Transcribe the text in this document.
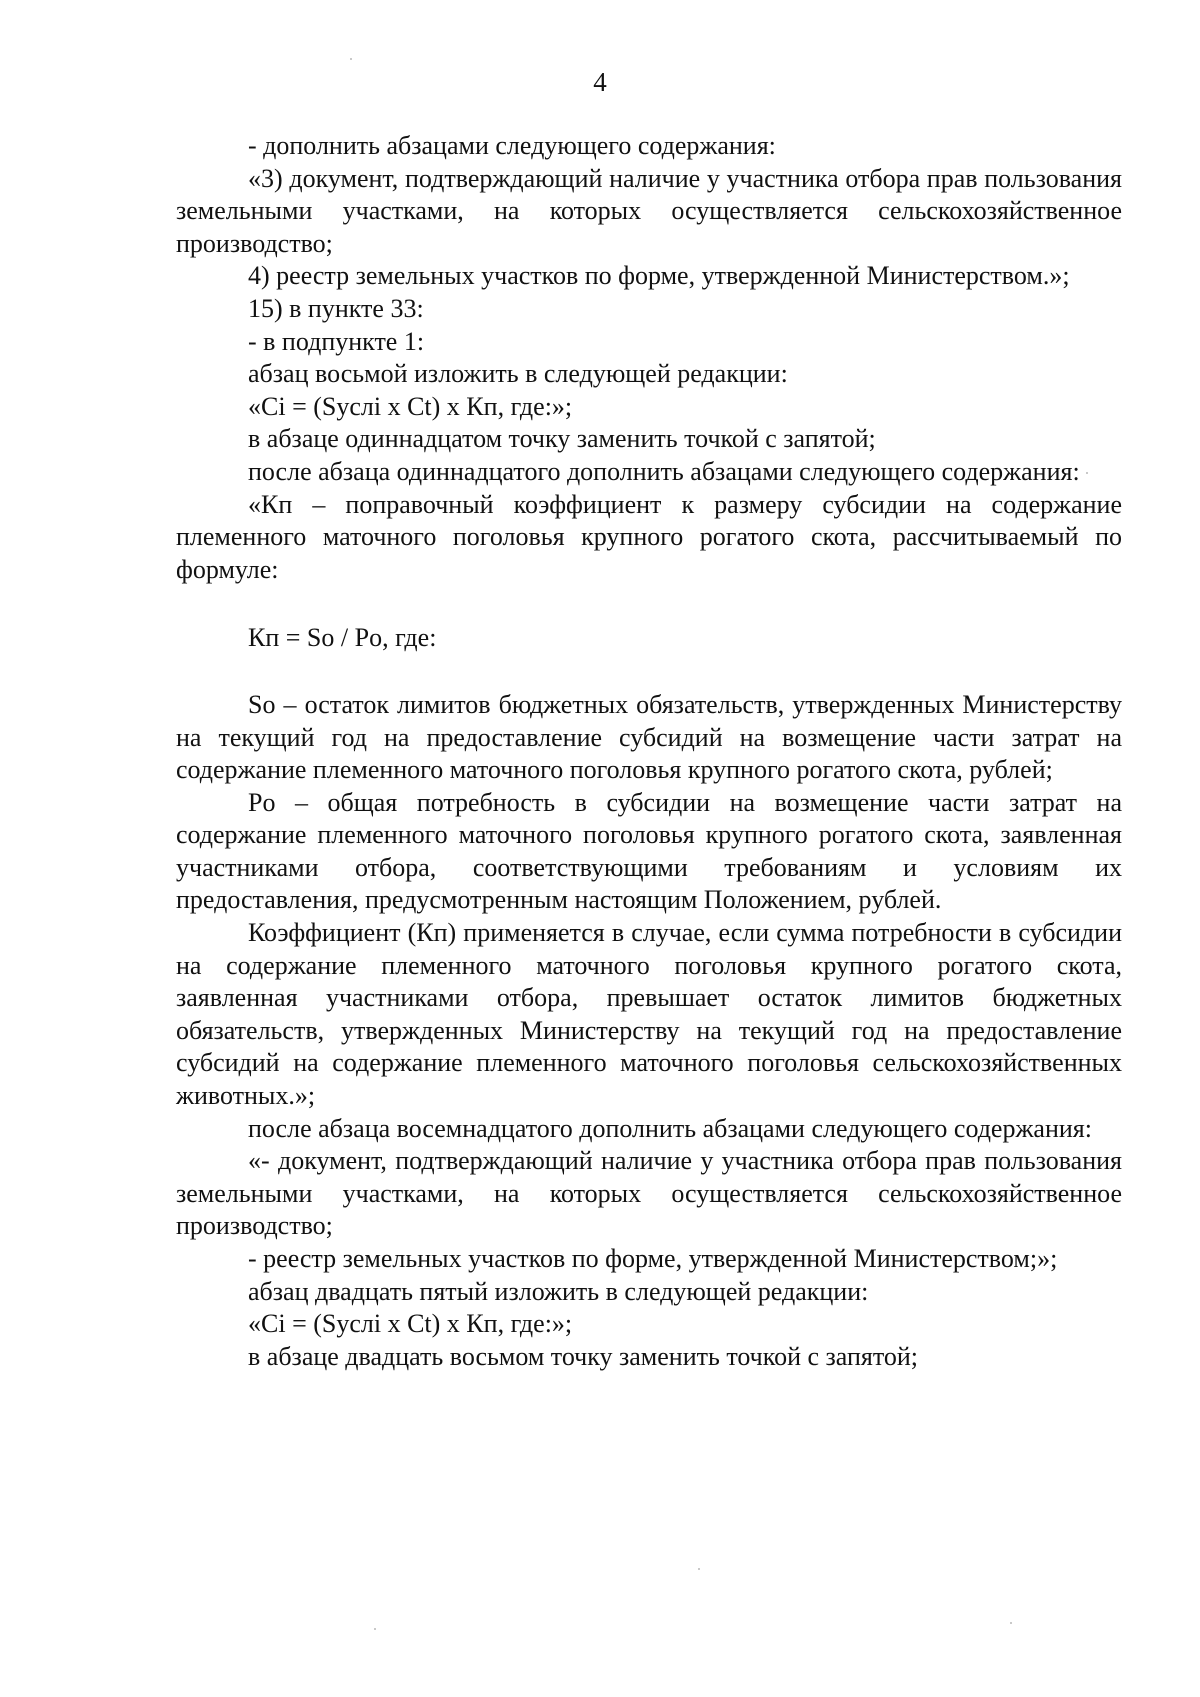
4

- дополнить абзацами следующего содержания:

«3) документ, подтверждающий наличие у участника отбора прав пользования земельными участками, на которых осуществляется сельскохозяйственное производство;

4) реестр земельных участков по форме, утвержденной Министерством.»;

15) в пункте 33:

- в подпункте 1:

абзац восьмой изложить в следующей редакции:

«Ci = (Sуслi x Ct) x Кп, где:»;

в абзаце одиннадцатом точку заменить точкой с запятой;

после абзаца одиннадцатого дополнить абзацами следующего содержания:

«Кп – поправочный коэффициент к размеру субсидии на содержание племенного маточного поголовья крупного рогатого скота, рассчитываемый по формуле:

Кп = So / Po, где:

So – остаток лимитов бюджетных обязательств, утвержденных Министерству на текущий год на предоставление субсидий на возмещение части затрат на содержание племенного маточного поголовья крупного рогатого скота, рублей;

Po – общая потребность в субсидии на возмещение части затрат на содержание племенного маточного поголовья крупного рогатого скота, заявленная участниками отбора, соответствующими требованиям и условиям их предоставления, предусмотренным настоящим Положением, рублей.

Коэффициент (Кп) применяется в случае, если сумма потребности в субсидии на содержание племенного маточного поголовья крупного рогатого скота, заявленная участниками отбора, превышает остаток лимитов бюджетных обязательств, утвержденных Министерству на текущий год на предоставление субсидий на содержание племенного маточного поголовья сельскохозяйственных животных.»;

после абзаца восемнадцатого дополнить абзацами следующего содержания:

«- документ, подтверждающий наличие у участника отбора прав пользования земельными участками, на которых осуществляется сельскохозяйственное производство;

- реестр земельных участков по форме, утвержденной Министерством;»;

абзац двадцать пятый изложить в следующей редакции:

«Ci = (Sуслi x Ct) x Кп, где:»;

в абзаце двадцать восьмом точку заменить точкой с запятой;
